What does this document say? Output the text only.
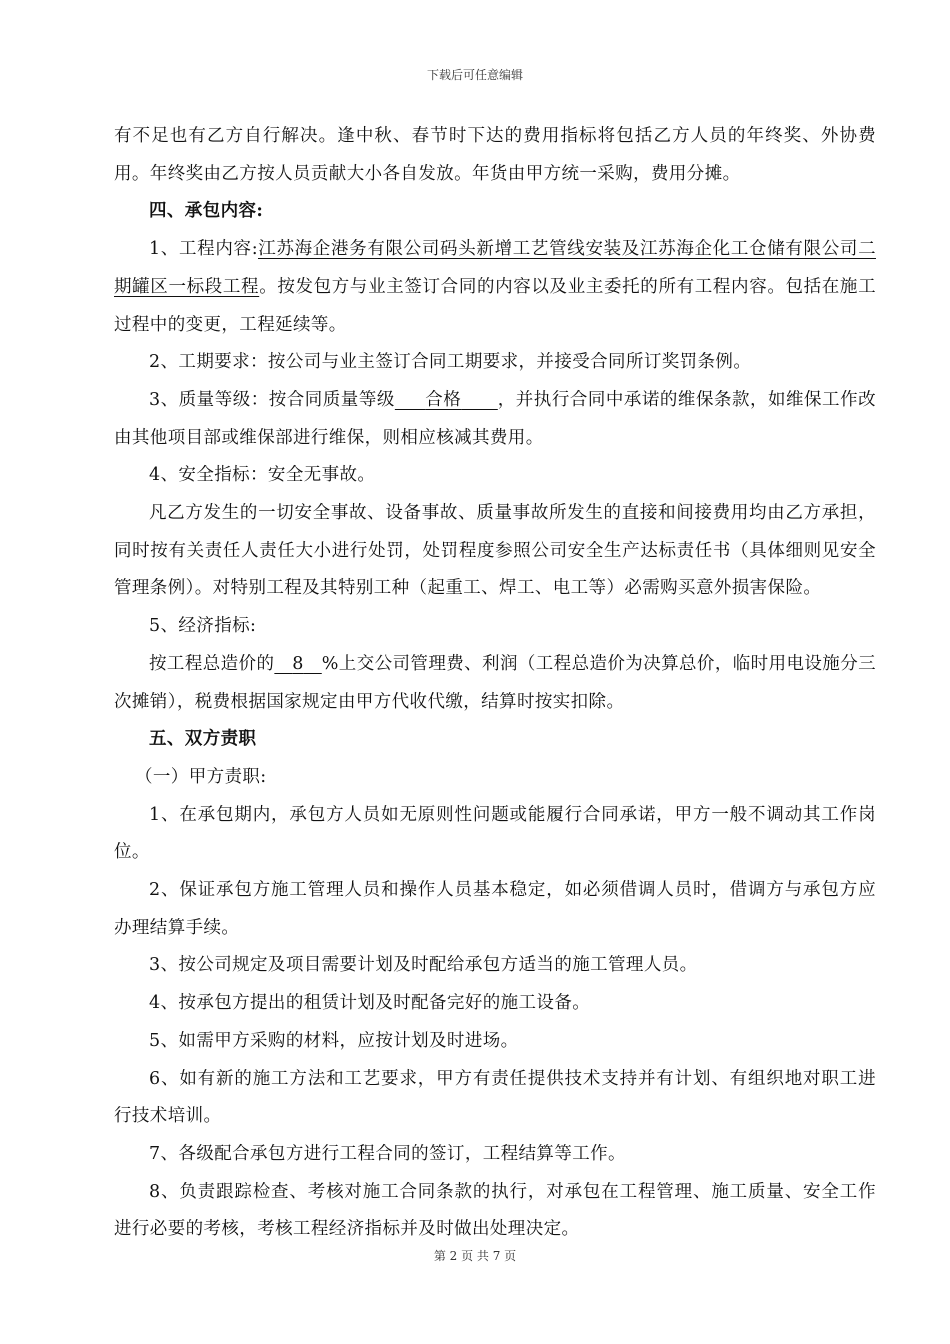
下载后可任意编辑

有不足也有乙方自行解决。逢中秋、春节时下达的费用指标将包括乙方人员的年终奖、外协费用。年终奖由乙方按人员贡献大小各自发放。年货由甲方统一采购，费用分摊。

四、承包内容:

1、工程内容:江苏海企港务有限公司码头新增工艺管线安装及江苏海企化工仓储有限公司二期罐区一标段工程。按发包方与业主签订合同的内容以及业主委托的所有工程内容。包括在施工过程中的变更，工程延续等。

2、工期要求：按公司与业主签订合同工期要求，并接受合同所订奖罚条例。

3、质量等级：按合同质量等级 合格 ，并执行合同中承诺的维保条款，如维保工作改由其他项目部或维保部进行维保，则相应核减其费用。

4、安全指标：安全无事故。

凡乙方发生的一切安全事故、设备事故、质量事故所发生的直接和间接费用均由乙方承担，同时按有关责任人责任大小进行处罚，处罚程度参照公司安全生产达标责任书（具体细则见安全管理条例）。对特别工程及其特别工种（起重工、焊工、电工等）必需购买意外损害保险。

5、经济指标:

按工程总造价的 8 %上交公司管理费、利润（工程总造价为决算总价，临时用电设施分三次摊销），税费根据国家规定由甲方代收代缴，结算时按实扣除。

五、双方责职

（一）甲方责职:

1、在承包期内，承包方人员如无原则性问题或能履行合同承诺，甲方一般不调动其工作岗位。

2、保证承包方施工管理人员和操作人员基本稳定，如必须借调人员时，借调方与承包方应办理结算手续。

3、按公司规定及项目需要计划及时配给承包方适当的施工管理人员。

4、按承包方提出的租赁计划及时配备完好的施工设备。

5、如需甲方采购的材料，应按计划及时进场。

6、如有新的施工方法和工艺要求，甲方有责任提供技术支持并有计划、有组织地对职工进行技术培训。

7、各级配合承包方进行工程合同的签订，工程结算等工作。

8、负责跟踪检查、考核对施工合同条款的执行，对承包在工程管理、施工质量、安全工作进行必要的考核，考核工程经济指标并及时做出处理决定。

第 2 页 共 7 页
